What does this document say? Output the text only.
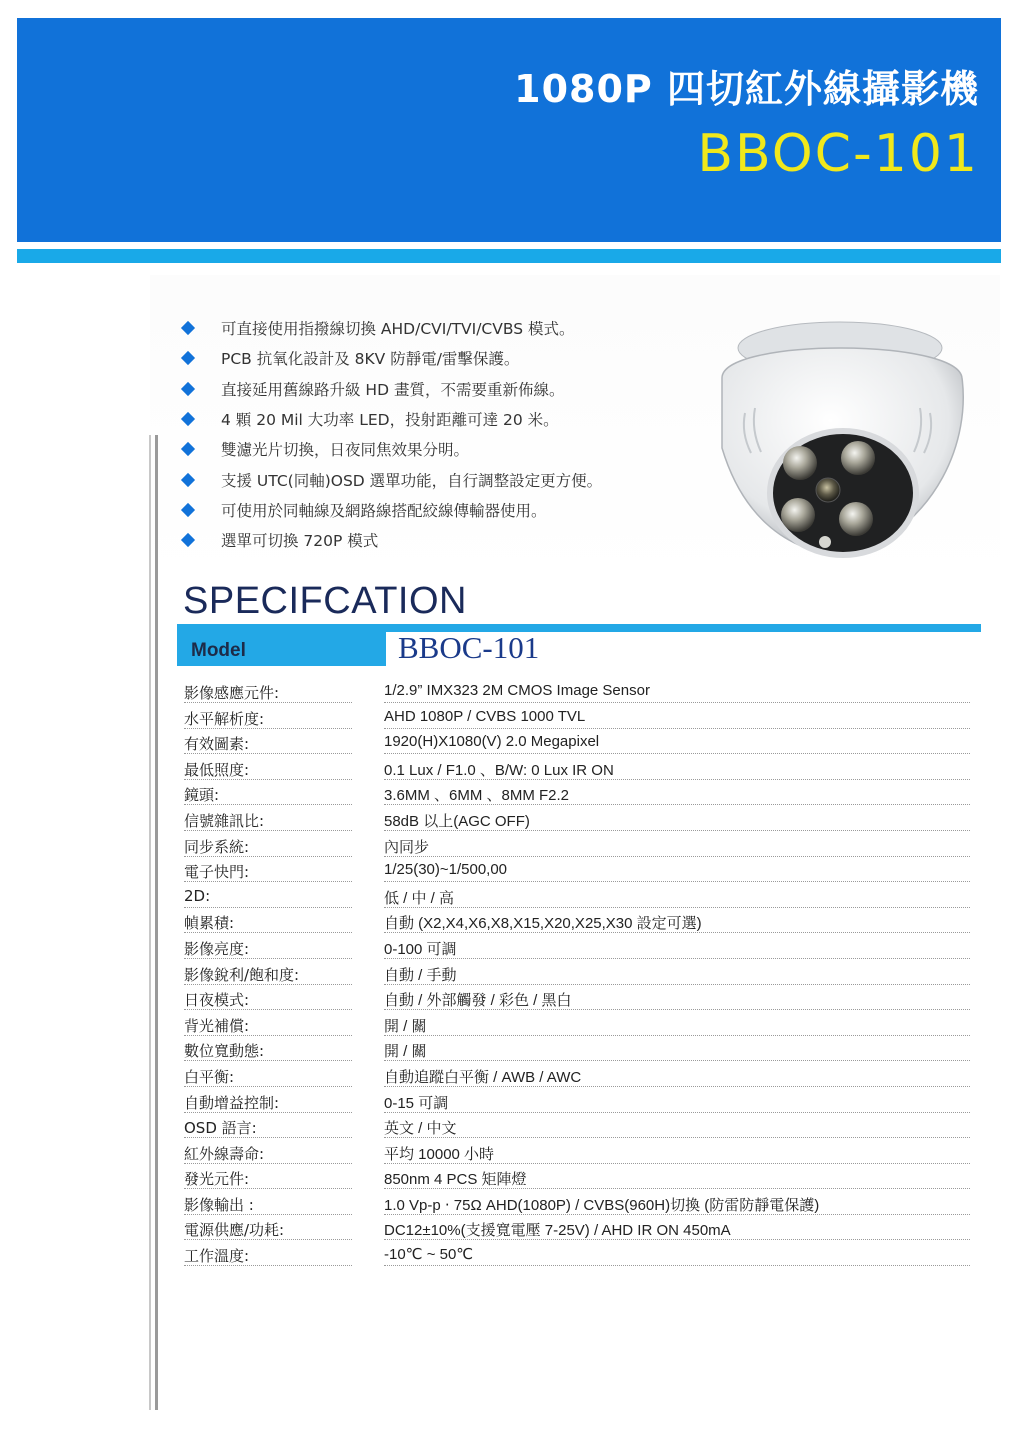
1080P 四切紅外線攝影機
BBOC-101
可直接使用指撥線切換 AHD/CVI/TVI/CVBS 模式。
PCB 抗氧化設計及 8KV 防靜電/雷擊保護。
直接延用舊線路升級 HD 畫質，不需要重新佈線。
4 顆 20 Mil 大功率 LED，投射距離可達 20 米。
雙濾光片切換，日夜同焦效果分明。
支援 UTC(同軸)OSD 選單功能，自行調整設定更方便。
可使用於同軸線及網路線搭配絞線傳輸器使用。
選單可切換 720P 模式
SPECIFCATION
Model	BBOC-101
影像感應元件:	1/2.9” IMX323 2M CMOS Image Sensor
水平解析度:	AHD 1080P / CVBS 1000 TVL
有效圖素:	1920(H)X1080(V) 2.0 Megapixel
最低照度:	0.1 Lux / F1.0 、B/W: 0 Lux IR ON
鏡頭:	3.6MM 、6MM 、8MM F2.2
信號雜訊比:	58dB 以上(AGC OFF)
同步系統:	內同步
電子快門:	1/25(30)~1/500,00
2D:	低 / 中 / 高
幀累積:	自動 (X2,X4,X6,X8,X15,X20,X25,X30 設定可選)
影像亮度:	0-100 可調
影像銳利/飽和度:	自動 / 手動
日夜模式:	自動 / 外部觸發 / 彩色 / 黑白
背光補償:	開 / 關
數位寬動態:	開 / 關
白平衡:	自動追蹤白平衡 / AWB / AWC
自動增益控制:	0-15 可調
OSD 語言:	英文 / 中文
紅外線壽命:	平均 10000 小時
發光元件:	850nm 4 PCS 矩陣燈
影像輸出 :	1.0 Vp-p ‧ 75Ω AHD(1080P) / CVBS(960H)切換 (防雷防靜電保護)
電源供應/功耗:	DC12±10%(支援寬電壓 7-25V) / AHD IR ON 450mA
工作溫度:	-10℃ ~ 50℃
